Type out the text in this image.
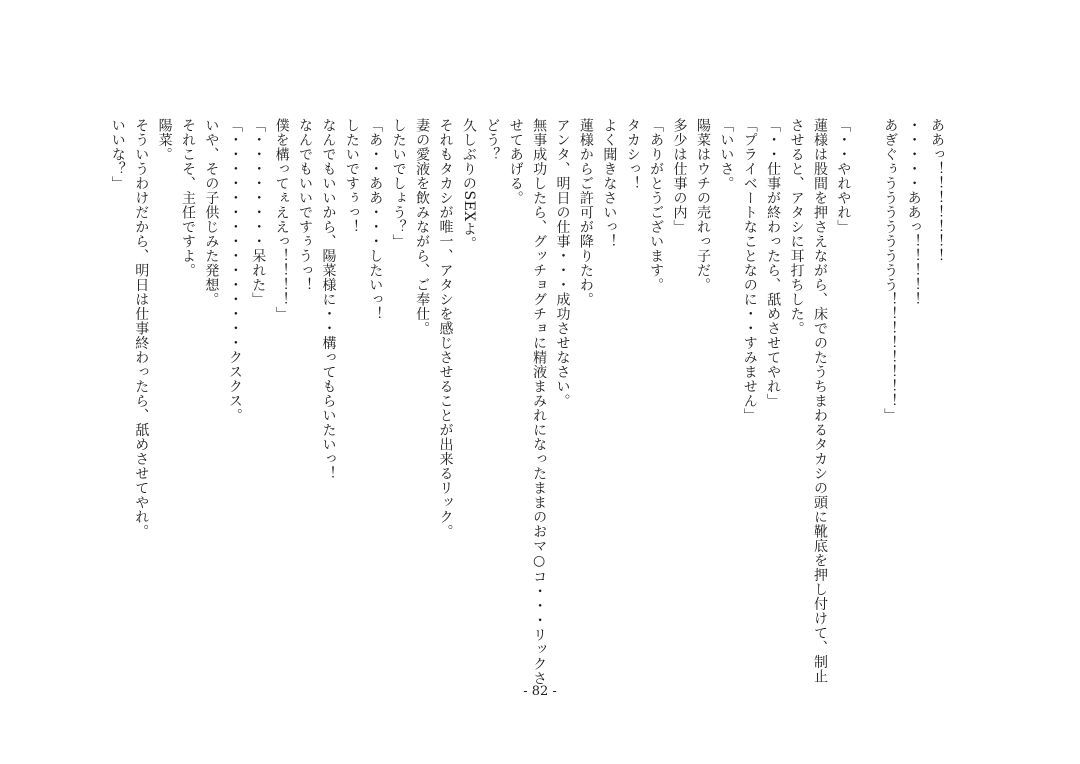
ああっ！！！！！！！
・・・・・ああっ！！！！！
あぎぐぅうううううううう！！！！！！！！」
「・・やれやれ」
蓮様は股間を押さえながら、床でのたうちまわるタカシの頭に靴底を押し付けて、制止
させると、アタシに耳打ちした。
「・・仕事が終わったら、舐めさせてやれ」
「プライベートなことなのに・・すみません」
「いいさ。
陽菜はウチの売れっ子だ。
多少は仕事の内」
「ありがとうございます。
タカシっ！
よく聞きなさいっ！
蓮様からご許可が降りたわ。
アンタ、明日の仕事・・・成功させなさい。
無事成功したら、グッチョグチョに精液まみれになったままのおマ○コ・・・リックさ
せてあげる。
どう？
久しぶりのSEXよ。
それもタカシが唯一、アタシを感じさせることが出来るリック。
妻の愛液を飲みながら、ご奉仕。
したいでしょう？」
「あ・・ああ・・・したいっ！
したいですぅっ！
なんでもいいから、陽菜様に・・構ってもらいたいっ！
なんでもいいですぅうっ！
僕を構ってぇええっ！！！！」
「・・・・・・・・呆れた」
「・・・・・・・・・・・・・・・クスクス。
いや、その子供じみた発想。
それこそ、主任ですよ。
陽菜。
そういうわけだから、明日は仕事終わったら、舐めさせてやれ。
いいな？」
- 82 -
